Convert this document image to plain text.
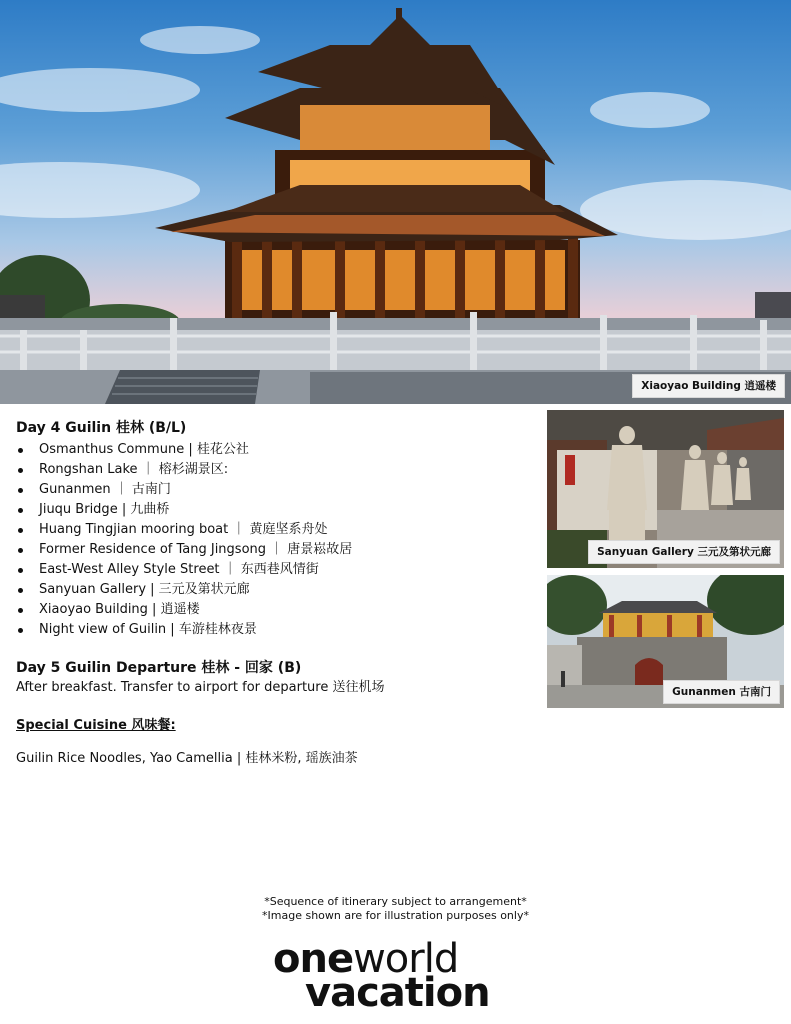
Xiaoyao Building 逍遥楼

Day 4 Guilin 桂林 (B/L)

Osmanthus Commune | 桂花公社
Rongshan Lake ｜ 榕杉湖景区:
Gunanmen ｜ 古南门
Jiuqu Bridge | 九曲桥
Huang Tingjian mooring boat ｜ 黄庭坚系舟处
Former Residence of Tang Jingsong ｜ 唐景崧故居
East-West Alley Style Street ｜ 东西巷风情街
Sanyuan Gallery | 三元及第状元廊
Xiaoyao Building | 逍遥楼
Night view of Guilin | 车游桂林夜景

Day 5 Guilin Departure 桂林 - 回家 (B)

After breakfast. Transfer to airport for departure 送往机场

Special Cuisine 风味餐:

Guilin Rice Noodles, Yao Camellia | 桂林米粉, 瑶族油茶

Sanyuan Gallery 三元及第状元廊
Gunanmen 古南门
*Sequence of itinerary subject to arrangement*
*Image shown are for illustration purposes only*
oneworld
vacation
